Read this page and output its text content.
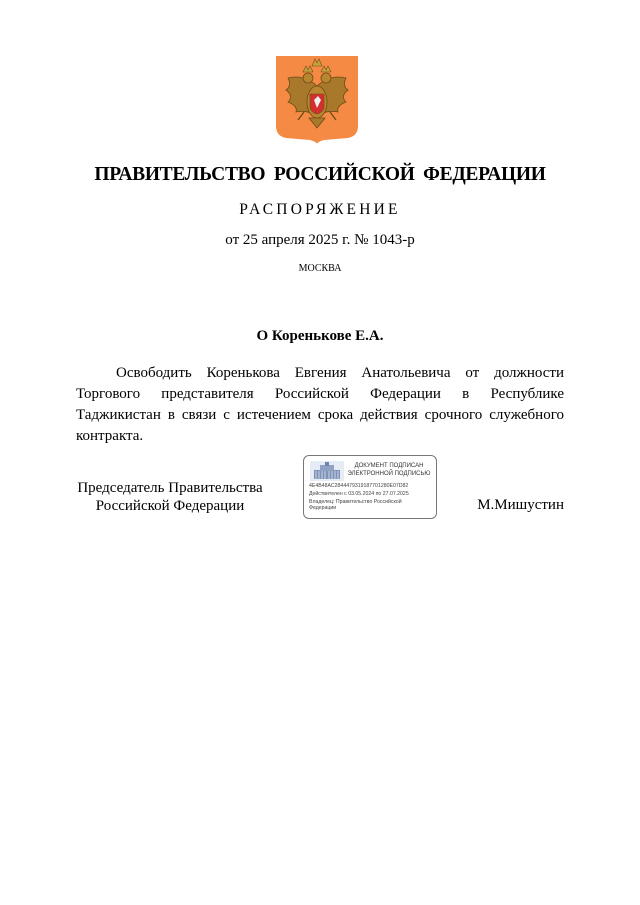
ПРАВИТЕЛЬСТВО РОССИЙСКОЙ ФЕДЕРАЦИИ
РАСПОРЯЖЕНИЕ
от 25 апреля 2025 г. № 1043-р
МОСКВА
О Коренькове Е.А.

Освободить Коренькова Евгения Анатольевича от должности Торгового представителя Российской Федерации в Республике Таджикистан в связи с истечением срока действия срочного служебного контракта.

Председатель Правительства
Российской Федерации
ДОКУМЕНТ ПОДПИСАН
ЭЛЕКТРОННОЙ ПОДПИСЬЮ
4E4B48AC2844479319187701280E07D82
Действителен с 03.05.2024 по 27.07.2025
Владелец: Правительство Российской
Федерации	М.Мишустин
